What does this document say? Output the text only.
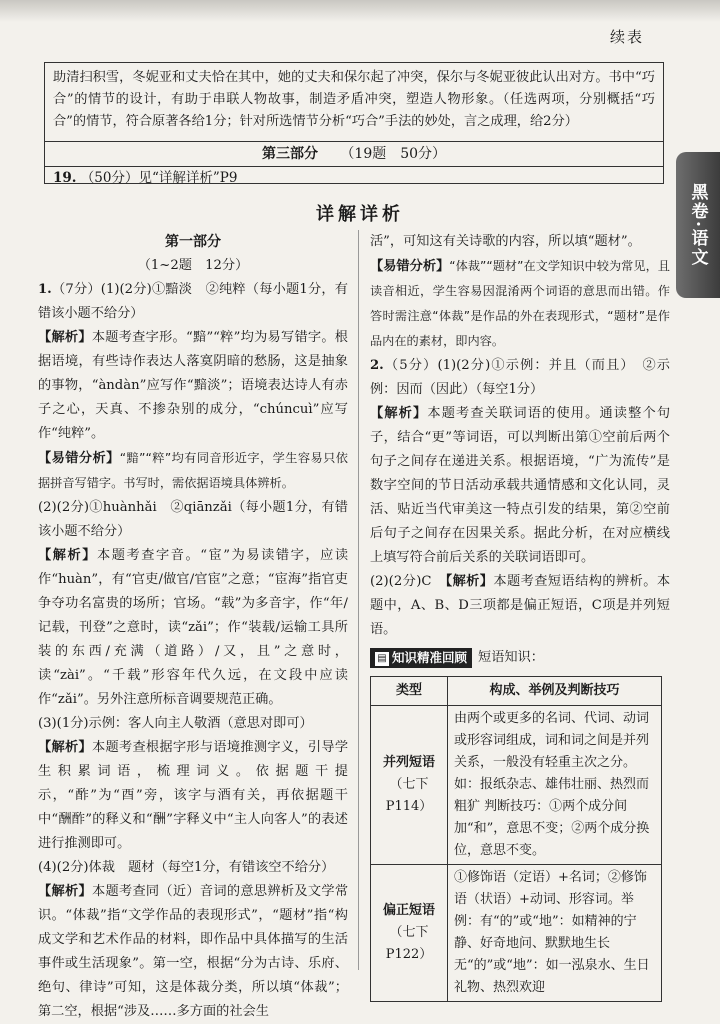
续表
助清扫积雪，冬妮亚和丈夫恰在其中，她的丈夫和保尔起了冲突，保尔与冬妮亚彼此认出对方。书中“巧合”的情节的设计，有助于串联人物故事，制造矛盾冲突，塑造人物形象。（任选两项，分别概括“巧合”的情节，符合原著各给1分；针对所选情节分析“巧合”手法的妙处，言之成理，给2分）
第三部分 （19题　50分）
19. （50分）见“详解详析”P9
黑卷·语文
详解详析

第一部分

（1~2题　12分）

1.（7分）(1)(2分)①黯淡　②纯粹（每小题1分，有错该小题不给分）

【解析】本题考查字形。“黯”“粹”均为易写错字。根据语境，有些诗作表达人落寞阴暗的愁肠，这是抽象的事物，“àndàn”应写作“黯淡”；语境表达诗人有赤子之心，天真、不掺杂别的成分，“chúncuì”应写作“纯粹”。

【易错分析】“黯”“粹”均有同音形近字，学生容易只依据拼音写错字。书写时，需依据语境具体辨析。

(2)(2分)①huànhǎi　②qiānzǎi（每小题1分，有错该小题不给分）

【解析】本题考查字音。“宦”为易读错字，应读作“huàn”，有“官吏/做官/官宦”之意；“宦海”指官吏争夺功名富贵的场所；官场。“载”为多音字，作“年/记载，刊登”之意时，读“zǎi”；作“装载/运输工具所装的东西/充满（道路）/又，且”之意时，读“zài”。“千载”形容年代久远，在文段中应读作“zǎi”。另外注意所标音调要规范正确。

(3)(1分)示例：客人向主人敬酒（意思对即可）

【解析】本题考查根据字形与语境推测字义，引导学生积累词语，梳理词义。依据题干提示，“酢”为“酉”旁，该字与酒有关，再依据题干中“酬酢”的释义和“酬”字释义中“主人向客人”的表述进行推测即可。

(4)(2分)体裁　题材（每空1分，有错该空不给分）

【解析】本题考查同（近）音词的意思辨析及文学常识。“体裁”指“文学作品的表现形式”，“题材”指“构成文学和艺术作品的材料，即作品中具体描写的生活事件或生活现象”。第一空，根据“分为古诗、乐府、绝句、律诗”可知，这是体裁分类，所以填“体裁”；第二空，根据“涉及……多方面的社会生

活”，可知这有关诗歌的内容，所以填“题材”。

【易错分析】“体裁”“题材”在文学知识中较为常见，且读音相近，学生容易因混淆两个词语的意思而出错。作答时需注意“体裁”是作品的外在表现形式，“题材”是作品内在的素材，即内容。

2.（5分）(1)(2分)①示例：并且（而且）　②示例：因而（因此）（每空1分）

【解析】本题考查关联词语的使用。通读整个句子，结合“更”等词语，可以判断出第①空前后两个句子之间存在递进关系。根据语境，“广为流传”是数字空间的节日活动承载共通情感和文化认同，灵活、贴近当代审美这一特点引发的结果，第②空前后句子之间存在因果关系。据此分析，在对应横线上填写符合前后关系的关联词语即可。

(2)(2分)C　 【解析】本题考查短语结构的辨析。本题中，A、B、D三项都是偏正短语，C项是并列短语。

▤ 知识精准回顾 短语知识：
类型	构成、举例及判断技巧

并列短语
（七下P114）	由两个或更多的名词、代词、动词或形容词组成，词和词之间是并列关系，一般没有轻重主次之分。如：报纸杂志、雄伟壮丽、热烈而粗犷 判断技巧：①两个成分间加“和”，意思不变；②两个成分换位，意思不变。

偏正短语
（七下P122）	①修饰语（定语）+名词；②修饰语（状语）+动词、形容词。举例：有“的”或“地”：如精神的宁静、好奇地问、默默地生长 无“的”或“地”：如一泓泉水、生日礼物、热烈欢迎
